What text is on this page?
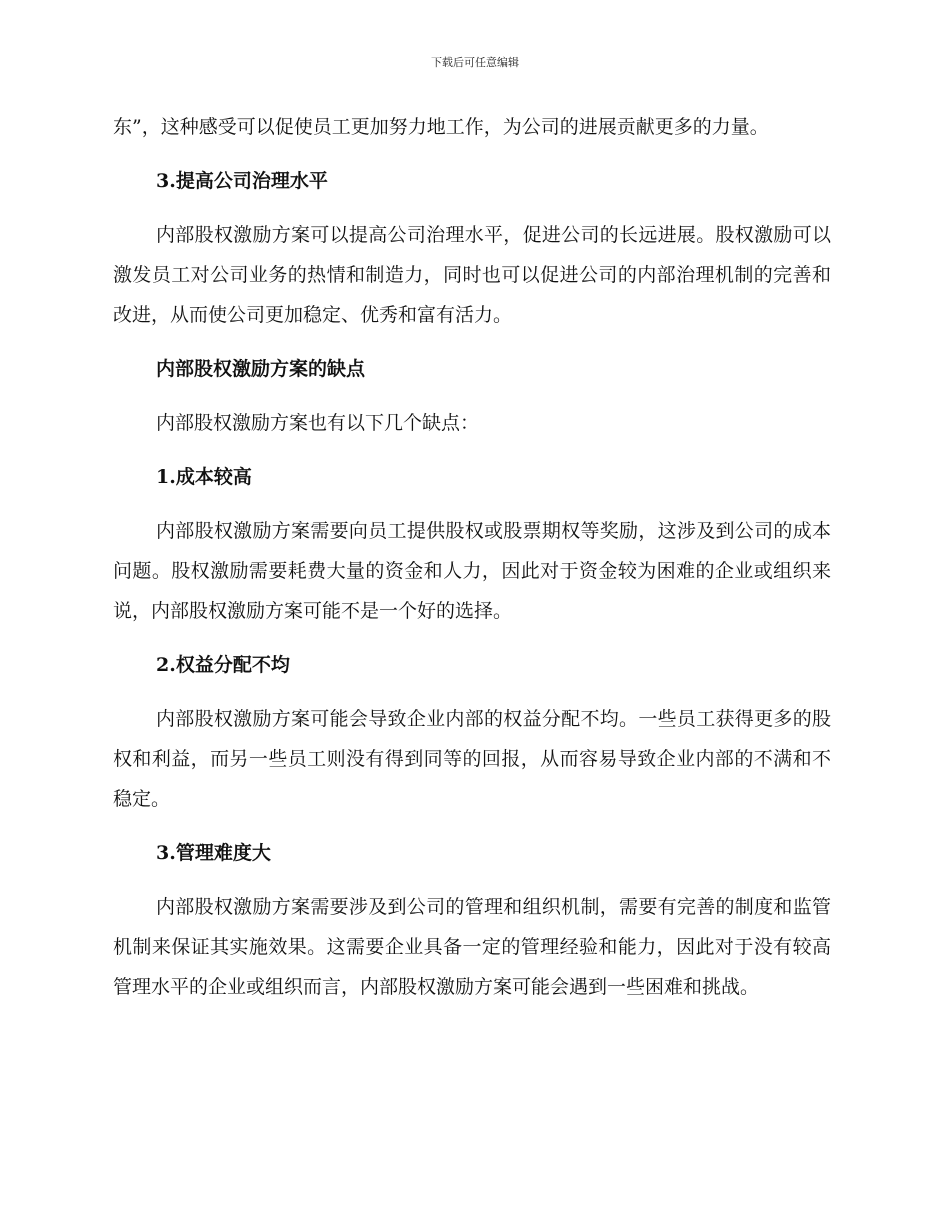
下载后可任意编辑

东”，这种感受可以促使员工更加努力地工作，为公司的进展贡献更多的力量。

3.提高公司治理水平

内部股权激励方案可以提高公司治理水平，促进公司的长远进展。股权激励可以激发员工对公司业务的热情和制造力，同时也可以促进公司的内部治理机制的完善和改进，从而使公司更加稳定、优秀和富有活力。

内部股权激励方案的缺点

内部股权激励方案也有以下几个缺点：

1.成本较高

内部股权激励方案需要向员工提供股权或股票期权等奖励，这涉及到公司的成本问题。股权激励需要耗费大量的资金和人力，因此对于资金较为困难的企业或组织来说，内部股权激励方案可能不是一个好的选择。

2.权益分配不均

内部股权激励方案可能会导致企业内部的权益分配不均。一些员工获得更多的股权和利益，而另一些员工则没有得到同等的回报，从而容易导致企业内部的不满和不稳定。

3.管理难度大

内部股权激励方案需要涉及到公司的管理和组织机制，需要有完善的制度和监管机制来保证其实施效果。这需要企业具备一定的管理经验和能力，因此对于没有较高管理水平的企业或组织而言，内部股权激励方案可能会遇到一些困难和挑战。
